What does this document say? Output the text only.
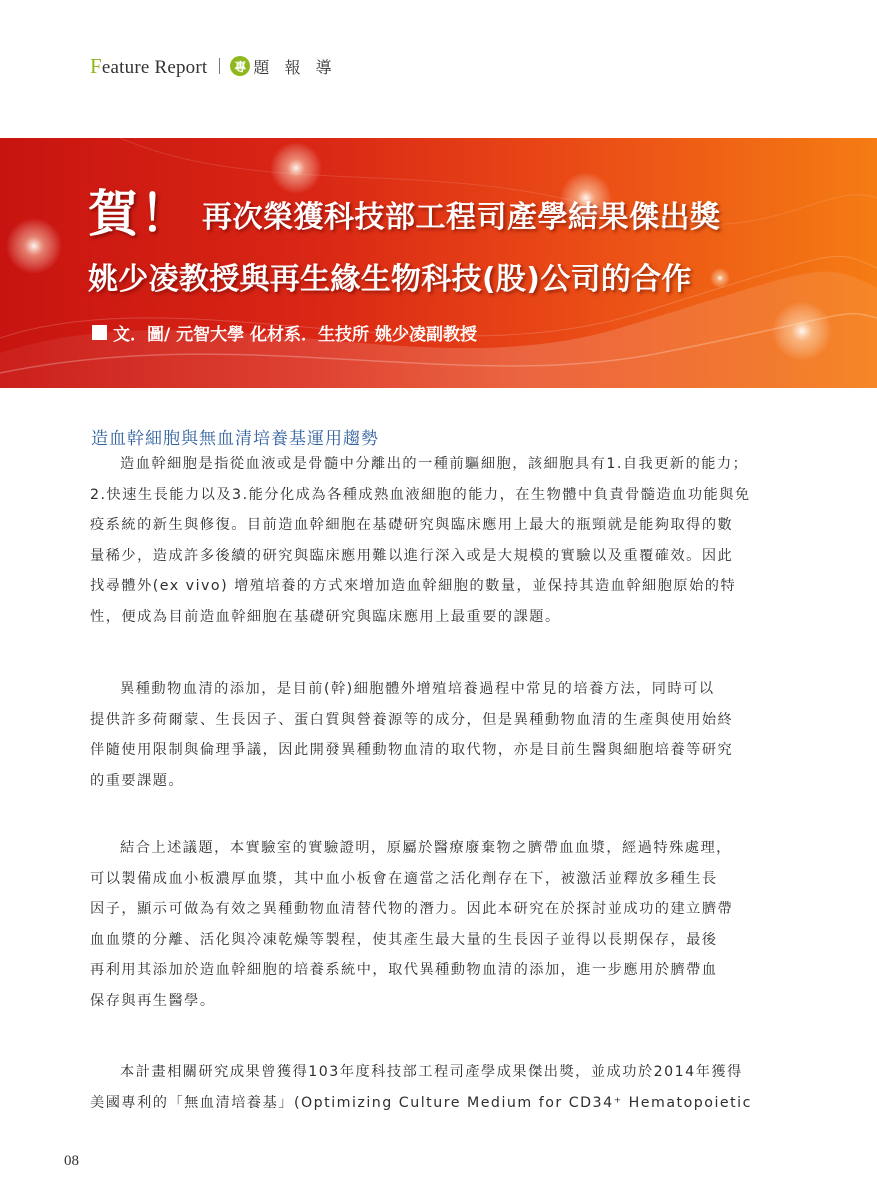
Feature Report	專 題 報 導
賀！ 再次榮獲科技部工程司產學結果傑出獎
姚少凌教授與再生緣生物科技(股)公司的合作
文．圖/ 元智大學 化材系．生技所 姚少凌副教授
造血幹細胞與無血清培養基運用趨勢

造血幹細胞是指從血液或是骨髓中分離出的一種前驅細胞，該細胞具有1.自我更新的能力；
2.快速生長能力以及3.能分化成為各種成熟血液細胞的能力，在生物體中負責骨髓造血功能與免
疫系統的新生與修復。目前造血幹細胞在基礎研究與臨床應用上最大的瓶頸就是能夠取得的數
量稀少，造成許多後續的研究與臨床應用難以進行深入或是大規模的實驗以及重覆確效。因此
找尋體外(ex vivo) 增殖培養的方式來增加造血幹細胞的數量，並保持其造血幹細胞原始的特
性，便成為目前造血幹細胞在基礎研究與臨床應用上最重要的課題。

異種動物血清的添加，是目前(幹)細胞體外增殖培養過程中常見的培養方法，同時可以
提供許多荷爾蒙、生長因子、蛋白質與營養源等的成分，但是異種動物血清的生產與使用始終
伴隨使用限制與倫理爭議，因此開發異種動物血清的取代物，亦是目前生醫與細胞培養等研究
的重要課題。

結合上述議題，本實驗室的實驗證明，原屬於醫療廢棄物之臍帶血血漿，經過特殊處理，
可以製備成血小板濃厚血漿，其中血小板會在適當之活化劑存在下，被激活並釋放多種生長
因子，顯示可做為有效之異種動物血清替代物的潛力。因此本研究在於探討並成功的建立臍帶
血血漿的分離、活化與冷凍乾燥等製程，使其產生最大量的生長因子並得以長期保存，最後
再利用其添加於造血幹細胞的培養系統中，取代異種動物血清的添加，進一步應用於臍帶血
保存與再生醫學。

本計畫相關研究成果曾獲得103年度科技部工程司產學成果傑出獎，並成功於2014年獲得
美國專利的「無血清培養基」(Optimizing Culture Medium for CD34⁺ Hematopoietic

08
